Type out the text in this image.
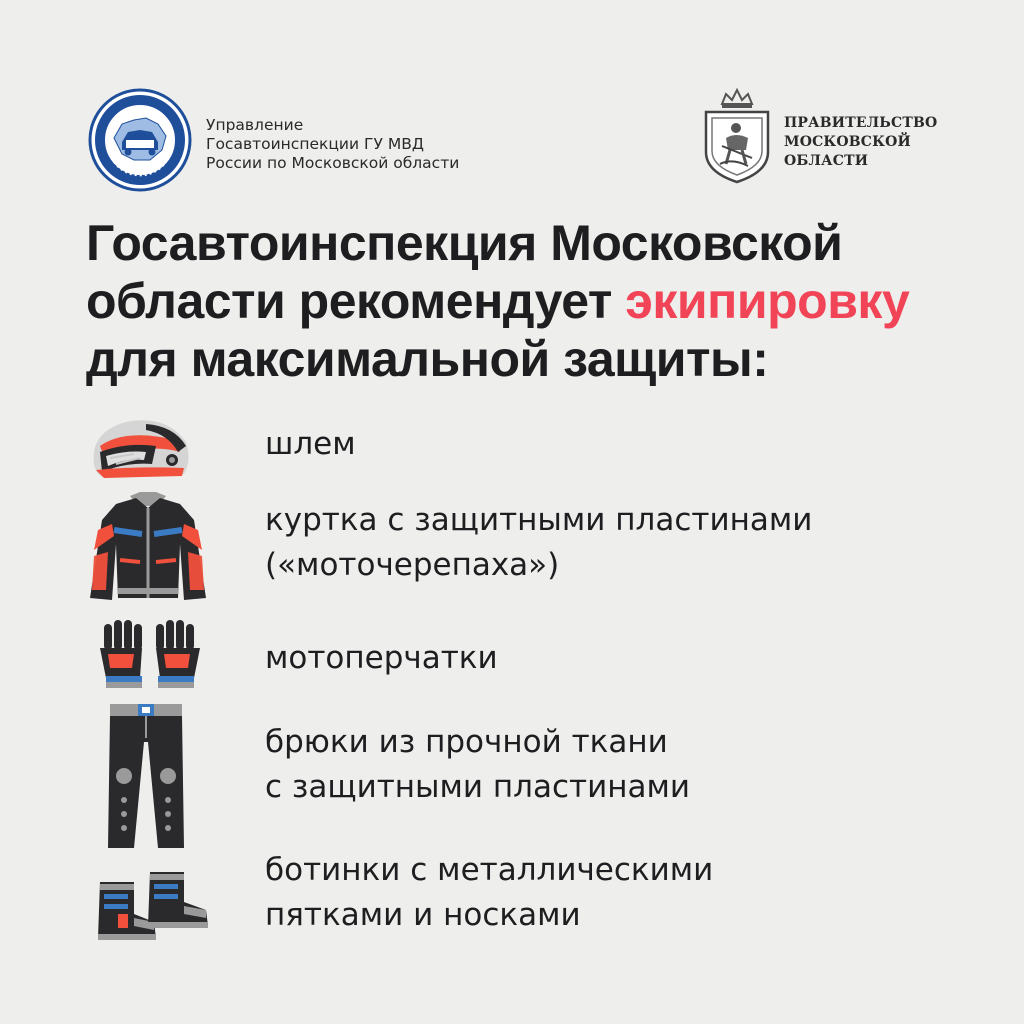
Управление
Госавтоинспекции ГУ МВД
России по Московской области
ПРАВИТЕЛЬСТВО
МОСКОВСКОЙ
ОБЛАСТИ
Госавтоинспекция Московской
области рекомендует экипировку
для максимальной защиты:
шлем
куртка с защитными пластинами
(«моточерепаха»)
мотоперчатки
брюки из прочной ткани
с защитными пластинами
ботинки с металлическими
пятками и носками
